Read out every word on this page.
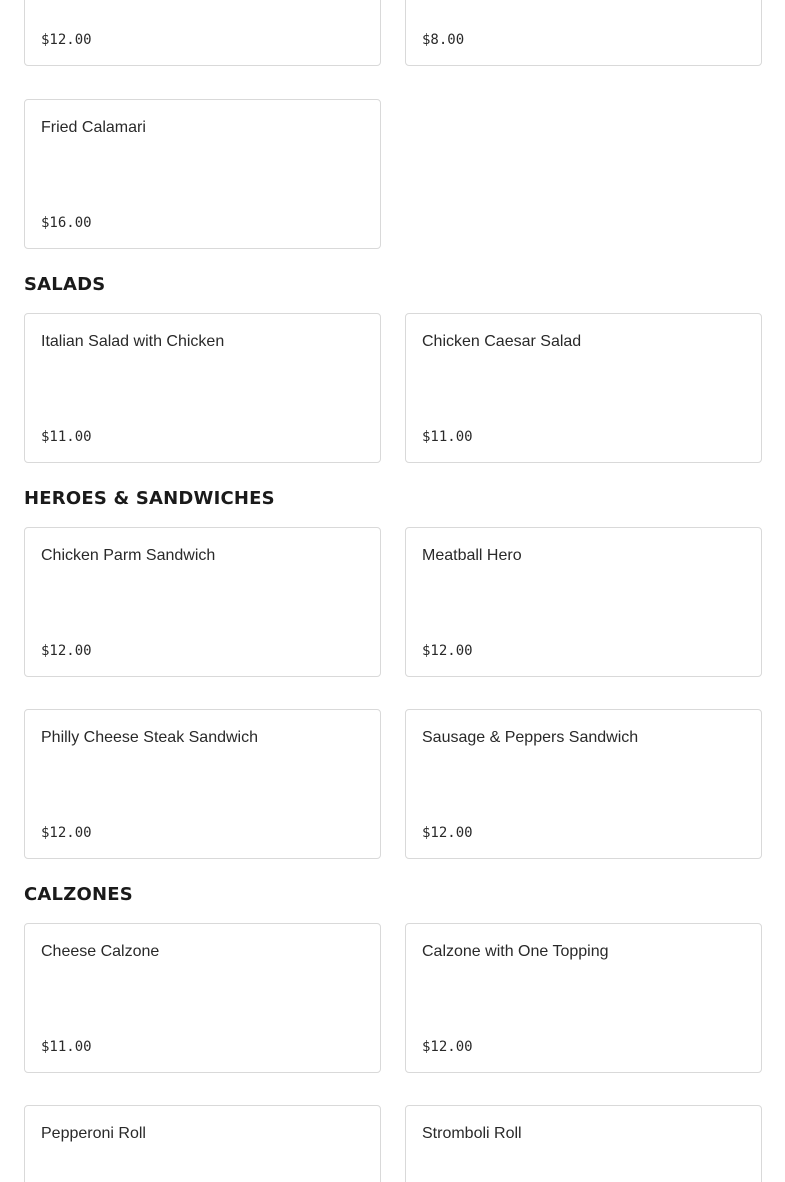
$12.00	$8.00
Fried Calamari
$16.00
SALADS
Italian Salad with Chicken
$11.00
Chicken Caesar Salad
$11.00
HEROES & SANDWICHES
Chicken Parm Sandwich
$12.00
Meatball Hero
$12.00
Philly Cheese Steak Sandwich
$12.00
Sausage & Peppers Sandwich
$12.00
CALZONES
Cheese Calzone
$11.00
Calzone with One Topping
$12.00
Pepperoni Roll	Stromboli Roll
